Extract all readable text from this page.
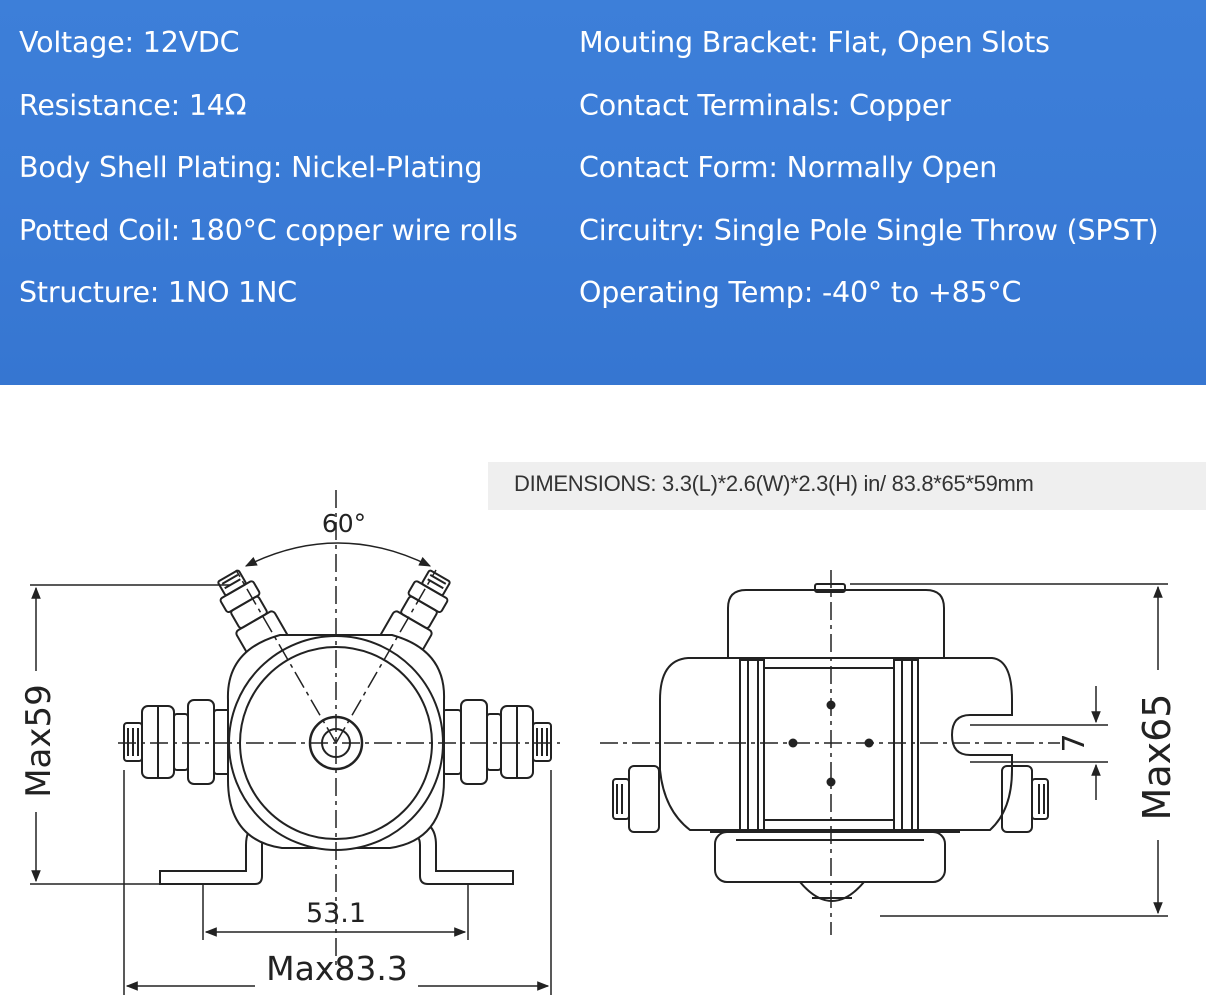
Voltage: 12VDC
Resistance: 14Ω
Body Shell Plating: Nickel-Plating
Potted Coil: 180°C copper wire rolls
Structure: 1NO 1NC
Mouting Bracket: Flat, Open Slots
Contact Terminals: Copper
Contact Form: Normally Open
Circuitry: Single Pole Single Throw (SPST)
Operating Temp: -40° to +85°C
DIMENSIONS: 3.3(L)*2.6(W)*2.3(H) in/ 83.8*65*59mm
60°
Max59
53.1
Max83.3
7 Max65
